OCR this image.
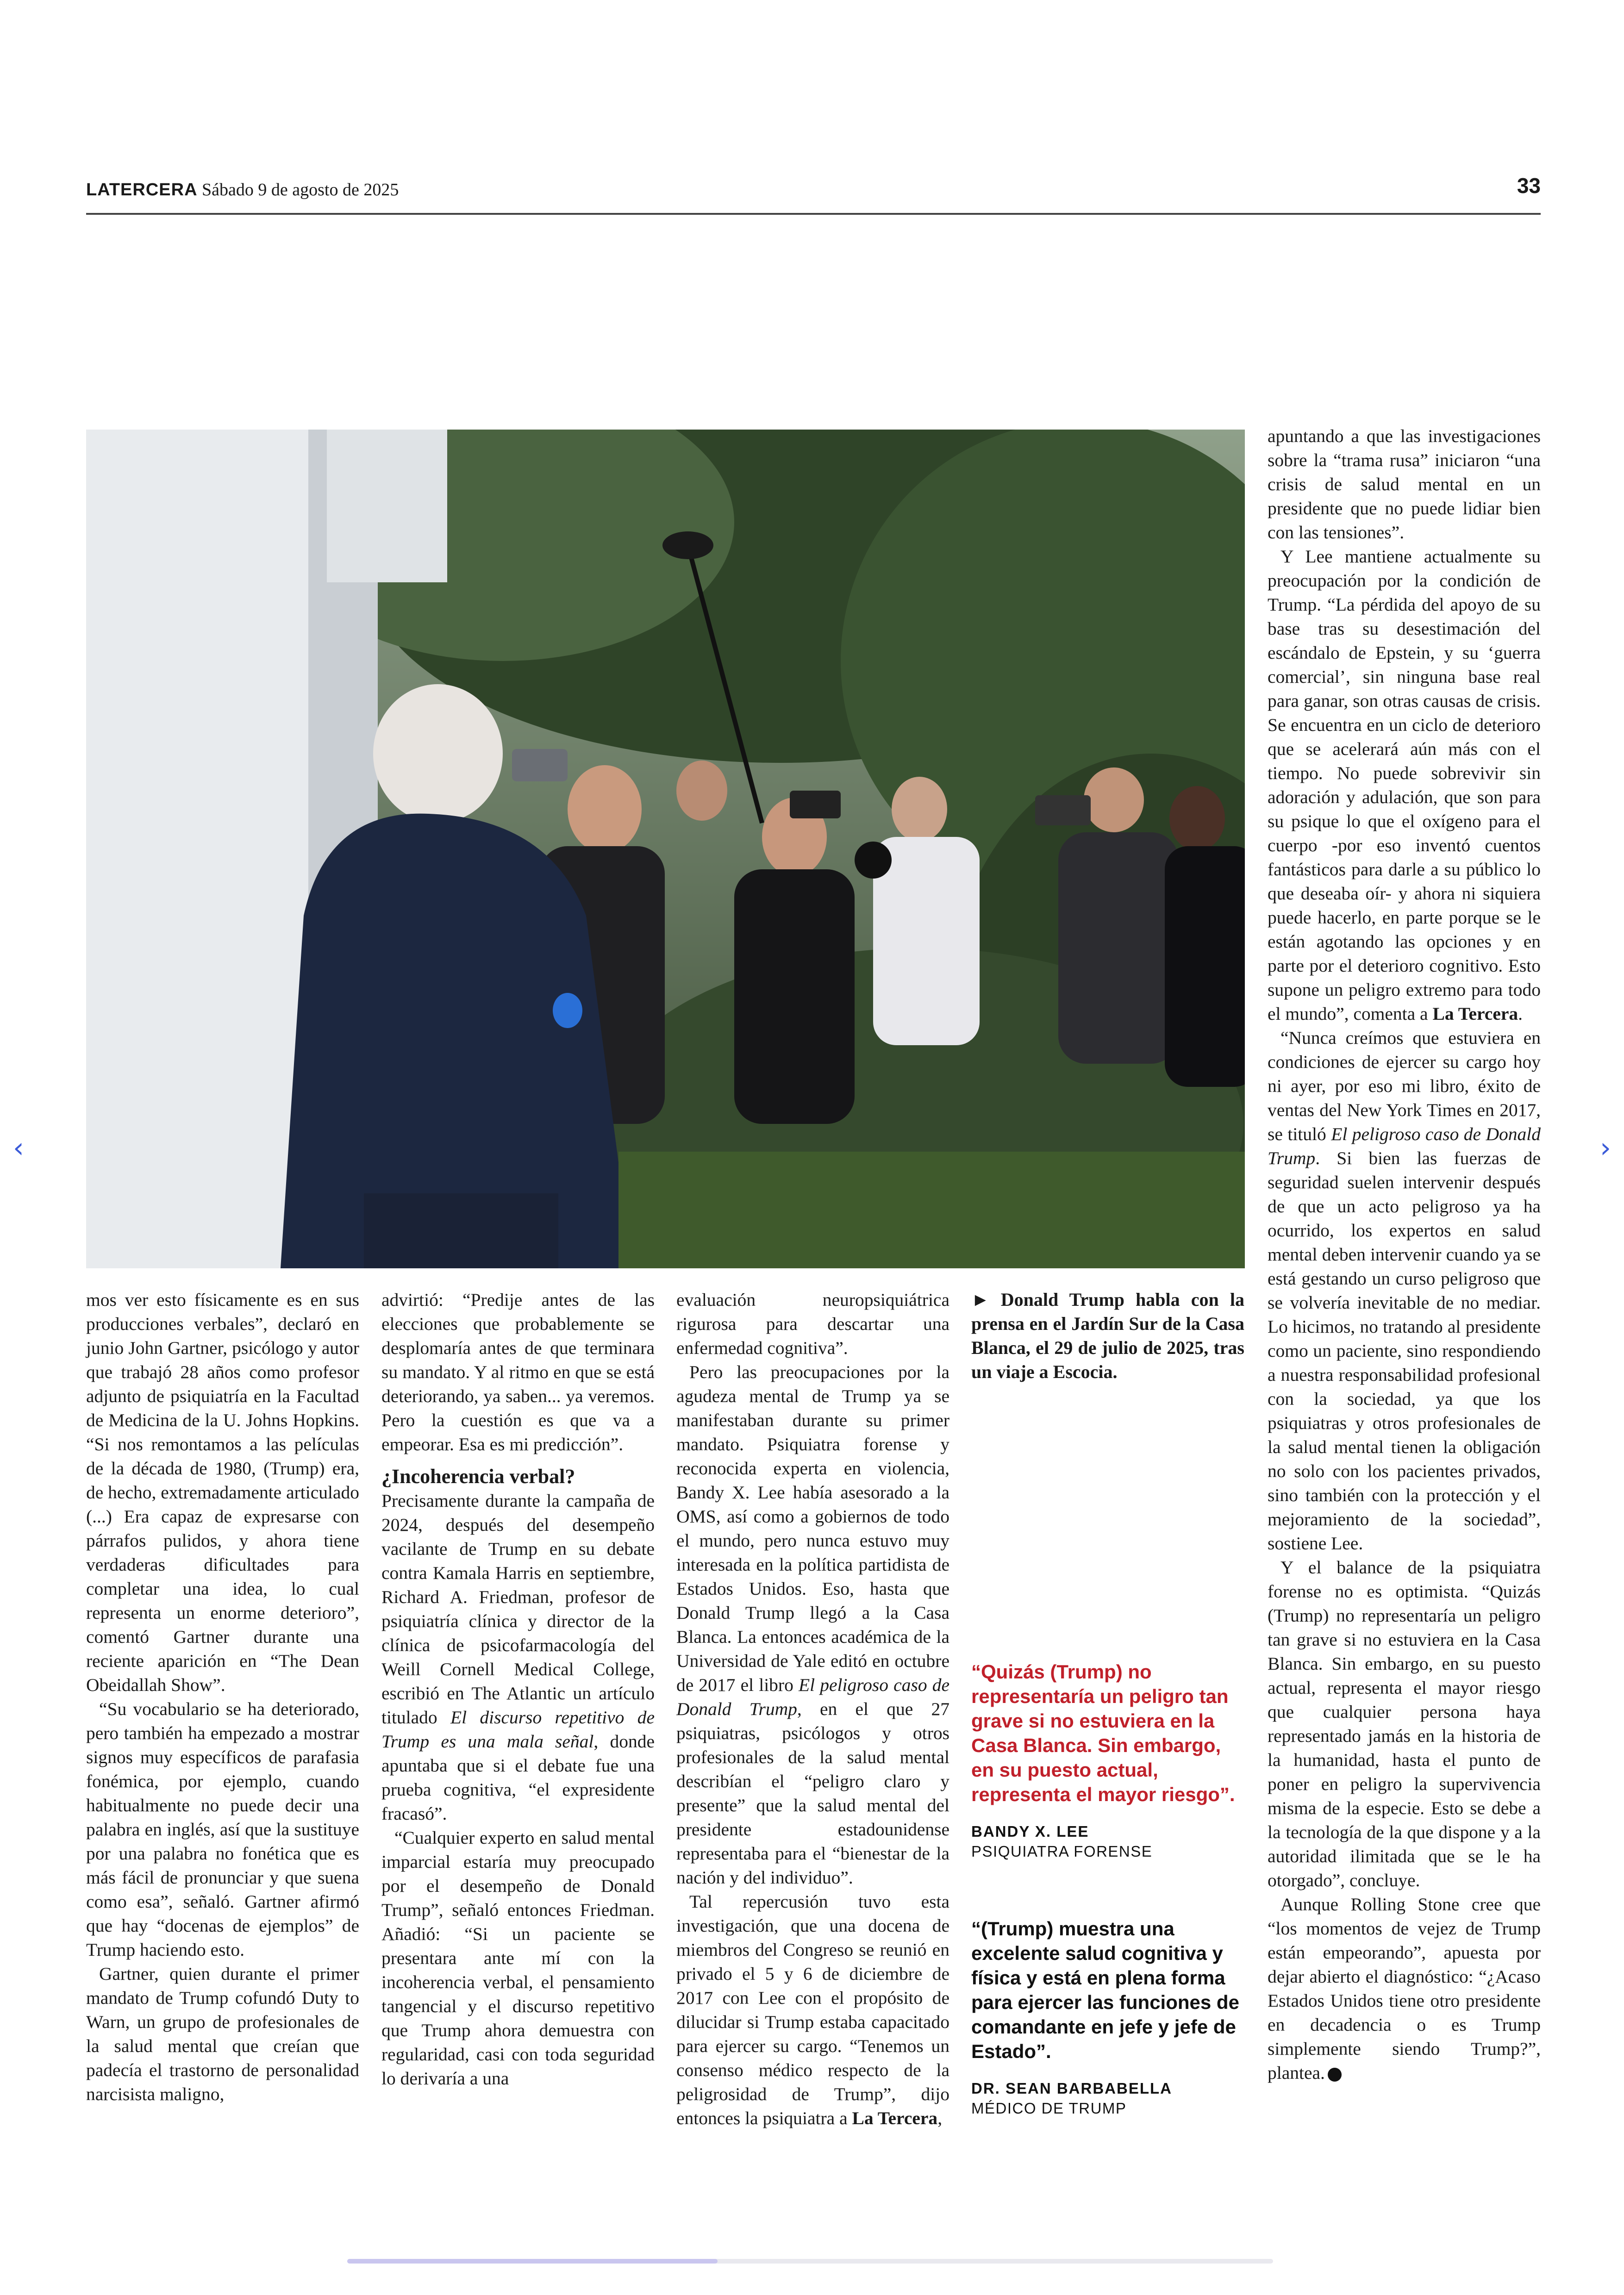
LATERCERA Sábado 9 de agosto de 2025	33

mos ver esto físicamente es en sus producciones verbales”, declaró en junio John Gartner, psicólogo y autor que trabajó 28 años como profesor adjunto de psiquiatría en la Facultad de Medicina de la U. Johns Hopkins. “Si nos remontamos a las películas de la década de 1980, (Trump) era, de hecho, extremadamente articulado (...) Era capaz de expresarse con párrafos pulidos, y ahora tiene verdaderas dificultades para completar una idea, lo cual representa un enorme deterioro”, comentó Gartner durante una reciente aparición en “The Dean Obeidallah Show”.

“Su vocabulario se ha deteriorado, pero también ha empezado a mostrar signos muy específicos de parafasia fonémica, por ejemplo, cuando habitualmente no puede decir una palabra en inglés, así que la sustituye por una palabra no fonética que es más fácil de pronunciar y que suena como esa”, señaló. Gartner afirmó que hay “docenas de ejemplos” de Trump haciendo esto.

Gartner, quien durante el primer mandato de Trump cofundó Duty to Warn, un grupo de profesionales de la salud mental que creían que padecía el trastorno de personalidad narcisista maligno,

advirtió: “Predije antes de las elecciones que probablemente se desplomaría antes de que terminara su mandato. Y al ritmo en que se está deteriorando, ya saben... ya veremos. Pero la cuestión es que va a empeorar. Esa es mi predicción”.

¿Incoherencia verbal?

Precisamente durante la campaña de 2024, después del desempeño vacilante de Trump en su debate contra Kamala Harris en septiembre, Richard A. Friedman, profesor de psiquiatría clínica y director de la clínica de psicofarmacología del Weill Cornell Medical College, escribió en The Atlantic un artículo titulado El discurso repetitivo de Trump es una mala señal, donde apuntaba que si el debate fue una prueba cognitiva, “el expresidente fracasó”.

“Cualquier experto en salud mental imparcial estaría muy preocupado por el desempeño de Donald Trump”, señaló entonces Friedman. Añadió: “Si un paciente se presentara ante mí con la incoherencia verbal, el pensamiento tangencial y el discurso repetitivo que Trump ahora demuestra con regularidad, casi con toda seguridad lo derivaría a una

evaluación neuropsiquiátrica rigurosa para descartar una enfermedad cognitiva”.

Pero las preocupaciones por la agudeza mental de Trump ya se manifestaban durante su primer mandato. Psiquiatra forense y reconocida experta en violencia, Bandy X. Lee había asesorado a la OMS, así como a gobiernos de todo el mundo, pero nunca estuvo muy interesada en la política partidista de Estados Unidos. Eso, hasta que Donald Trump llegó a la Casa Blanca. La entonces académica de la Universidad de Yale editó en octubre de 2017 el libro El peligroso caso de Donald Trump, en el que 27 psiquiatras, psicólogos y otros profesionales de la salud mental describían el “peligro claro y presente” que la salud mental del presidente estadounidense representaba para el “bienestar de la nación y del individuo”.

Tal repercusión tuvo esta investigación, que una docena de miembros del Congreso se reunió en privado el 5 y 6 de diciembre de 2017 con Lee con el propósito de dilucidar si Trump estaba capacitado para ejercer su cargo. “Tenemos un consenso médico respecto de la peligrosidad de Trump”, dijo entonces la psiquiatra a La Tercera,

► Donald Trump habla con la prensa en el Jardín Sur de la Casa Blanca, el 29 de julio de 2025, tras un viaje a Escocia.
“Quizás (Trump) no representaría un peligro tan grave si no estuviera en la Casa Blanca. Sin embargo, en su puesto actual, representa el mayor riesgo”.
BANDY X. LEE
PSIQUIATRA FORENSE
“(Trump) muestra una excelente salud cognitiva y física y está en plena forma para ejercer las funciones de comandante en jefe y jefe de Estado”.
DR. SEAN BARBABELLA
MÉDICO DE TRUMP

apuntando a que las investigaciones sobre la “trama rusa” iniciaron “una crisis de salud mental en un presidente que no puede lidiar bien con las tensiones”.

Y Lee mantiene actualmente su preocupación por la condición de Trump. “La pérdida del apoyo de su base tras su desestimación del escándalo de Epstein, y su ‘guerra comercial’, sin ninguna base real para ganar, son otras causas de crisis. Se encuentra en un ciclo de deterioro que se acelerará aún más con el tiempo. No puede sobrevivir sin adoración y adulación, que son para su psique lo que el oxígeno para el cuerpo -por eso inventó cuentos fantásticos para darle a su público lo que deseaba oír- y ahora ni siquiera puede hacerlo, en parte porque se le están agotando las opciones y en parte por el deterioro cognitivo. Esto supone un peligro extremo para todo el mundo”, comenta a La Tercera.

“Nunca creímos que estuviera en condiciones de ejercer su cargo hoy ni ayer, por eso mi libro, éxito de ventas del New York Times en 2017, se tituló El peligroso caso de Donald Trump. Si bien las fuerzas de seguridad suelen intervenir después de que un acto peligroso ya ha ocurrido, los expertos en salud mental deben intervenir cuando ya se está gestando un curso peligroso que se volvería inevitable de no mediar. Lo hicimos, no tratando al presidente como un paciente, sino respondiendo a nuestra responsabilidad profesional con la sociedad, ya que los psiquiatras y otros profesionales de la salud mental tienen la obligación no solo con los pacientes privados, sino también con la protección y el mejoramiento de la sociedad”, sostiene Lee.

Y el balance de la psiquiatra forense no es optimista. “Quizás (Trump) no representaría un peligro tan grave si no estuviera en la Casa Blanca. Sin embargo, en su puesto actual, representa el mayor riesgo que cualquier persona haya representado jamás en la historia de la humanidad, hasta el punto de poner en peligro la supervivencia misma de la especie. Esto se debe a la tecnología de la que dispone y a la autoridad ilimitada que se le ha otorgado”, concluye.

Aunque Rolling Stone cree que “los momentos de vejez de Trump están empeorando”, apuesta por dejar abierto el diagnóstico: “¿Acaso Estados Unidos tiene otro presidente en decadencia o es Trump simplemente siendo Trump?”, plantea.

‹	›
